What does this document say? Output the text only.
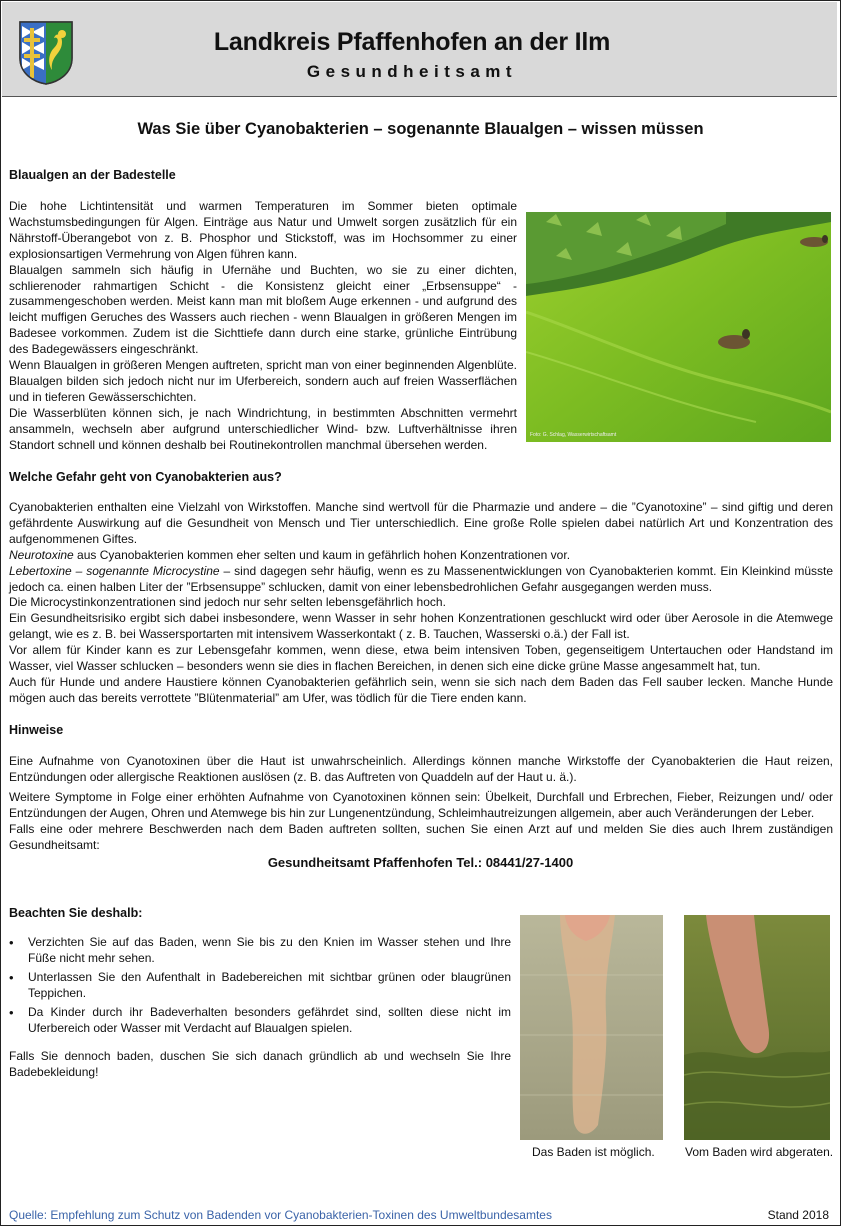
Landkreis Pfaffenhofen an der Ilm
Gesundheitsamt
Was Sie über Cyanobakterien – sogenannte Blaualgen – wissen müssen
Blaualgen an der Badestelle

Die hohe Lichtintensität und warmen Temperaturen im Sommer bieten optimale Wachstumsbedingungen für Algen. Einträge aus Natur und Umwelt sorgen zusätzlich für ein Nährstoff-Überangebot von z. B. Phosphor und Stickstoff, was im Hochsommer zu einer explosionsartigen Vermehrung von Algen führen kann.

Blaualgen sammeln sich häufig in Ufernähe und Buchten, wo sie zu einer dichten, schlierenoder rahmartigen Schicht - die Konsistenz gleicht einer „Erbsensuppe“ - zusammengeschoben werden. Meist kann man mit bloßem Auge erkennen - und aufgrund des leicht muffigen Geruches des Wassers auch riechen - wenn Blaualgen in größeren Mengen im Badesee vorkommen. Zudem ist die Sichttiefe dann durch eine starke, grünliche Eintrübung des Badegewässers eingeschränkt.

Wenn Blaualgen in größeren Mengen auftreten, spricht man von einer beginnenden Algenblüte. Blaualgen bilden sich jedoch nicht nur im Uferbereich, sondern auch auf freien Wasserflächen und in tieferen Gewässerschichten.

Die Wasserblüten können sich, je nach Windrichtung, in bestimmten Abschnitten vermehrt ansammeln, wechseln aber aufgrund unterschiedlicher Wind- bzw. Luftverhältnisse ihren Standort schnell und können deshalb bei Routinekontrollen manchmal übersehen werden.

Foto: G. Schlag, Wasserwirtschaftsamt
Welche Gefahr geht von Cyanobakterien aus?

Cyanobakterien enthalten eine Vielzahl von Wirkstoffen. Manche sind wertvoll für die Pharmazie und andere – die ”Cyanotoxine” – sind giftig und deren gefährdente Auswirkung auf die Gesundheit von Mensch und Tier unterschiedlich. Eine große Rolle spielen dabei natürlich Art und Konzentration des aufgenommenen Giftes.

Neurotoxine aus Cyanobakterien kommen eher selten und kaum in gefährlich hohen Konzentrationen vor.

Lebertoxine – sogenannte Microcystine – sind dagegen sehr häufig, wenn es zu Massenentwicklungen von Cyanobakterien kommt. Ein Kleinkind müsste jedoch ca. einen halben Liter der ”Erbsensuppe” schlucken, damit von einer lebensbedrohlichen Gefahr ausgegangen werden muss.

Die Microcystinkonzentrationen sind jedoch nur sehr selten lebensgefährlich hoch.

Ein Gesundheitsrisiko ergibt sich dabei insbesondere, wenn Wasser in sehr hohen Konzentrationen geschluckt wird oder über Aerosole in die Atemwege gelangt, wie es z. B. bei Wassersportarten mit intensivem Wasserkontakt ( z. B. Tauchen, Wasserski o.ä.) der Fall ist.

Vor allem für Kinder kann es zur Lebensgefahr kommen, wenn diese, etwa beim intensiven Toben, gegenseitigem Untertauchen oder Handstand im Wasser, viel Wasser schlucken – besonders wenn sie dies in flachen Bereichen, in denen sich eine dicke grüne Masse angesammelt hat, tun.

Auch für Hunde und andere Haustiere können Cyanobakterien gefährlich sein, wenn sie sich nach dem Baden das Fell sauber lecken. Manche Hunde mögen auch das bereits verrottete ”Blütenmaterial” am Ufer, was tödlich für die Tiere enden kann.

Hinweise

Eine Aufnahme von Cyanotoxinen über die Haut ist unwahrscheinlich. Allerdings können manche Wirkstoffe der Cyanobakterien die Haut reizen, Entzündungen oder allergische Reaktionen auslösen (z. B. das Auftreten von Quaddeln auf der Haut u. ä.).

Weitere Symptome in Folge einer erhöhten Aufnahme von Cyanotoxinen können sein: Übelkeit, Durchfall und Erbrechen, Fieber, Reizungen und/ oder Entzündungen der Augen, Ohren und Atemwege bis hin zur Lungenentzündung, Schleimhautreizungen allgemein, aber auch Veränderungen der Leber.

Falls eine oder mehrere Beschwerden nach dem Baden auftreten sollten, suchen Sie einen Arzt auf und melden Sie dies auch Ihrem zuständigen Gesundheitsamt:

Gesundheitsamt Pfaffenhofen Tel.: 08441/27-1400
Beachten Sie deshalb:
• Verzichten Sie auf das Baden, wenn Sie bis zu den Knien im Wasser stehen und Ihre Füße nicht mehr sehen.
• Unterlassen Sie den Aufenthalt in Badebereichen mit sichtbar grünen oder blaugrünen Teppichen.
• Da Kinder durch ihr Badeverhalten besonders gefährdet sind, sollten diese nicht im Uferbereich oder Wasser mit Verdacht auf Blaualgen spielen.

Falls Sie dennoch baden, duschen Sie sich danach gründlich ab und wechseln Sie Ihre Badebekleidung!

Das Baden ist möglich.	Vom Baden wird abgeraten.
Quelle: Empfehlung zum Schutz von Badenden vor Cyanobakterien-Toxinen des Umweltbundesamtes	Stand 2018
